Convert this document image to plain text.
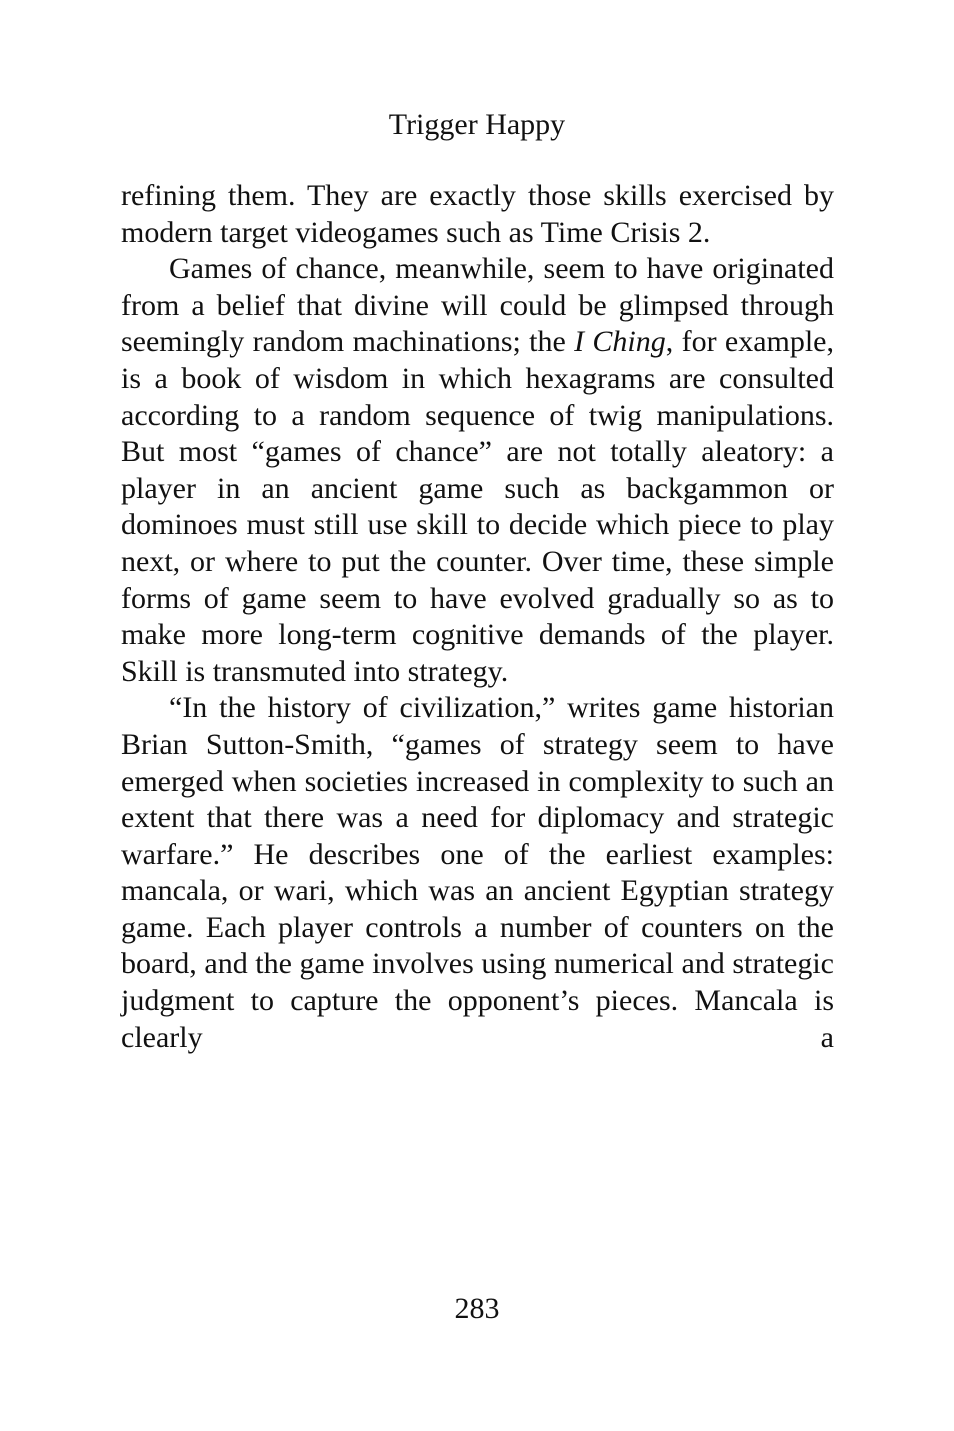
Trigger Happy

refining them. They are exactly those skills exercised by modern target videogames such as Time Crisis 2.

Games of chance, meanwhile, seem to have originated from a belief that divine will could be glimpsed through seemingly random machinations; the I Ching, for example, is a book of wisdom in which hexagrams are consulted according to a random sequence of twig manipulations. But most “games of chance” are not totally aleatory: a player in an ancient game such as backgammon or dominoes must still use skill to decide which piece to play next, or where to put the counter. Over time, these simple forms of game seem to have evolved gradually so as to make more long-term cognitive demands of the player. Skill is transmuted into strategy.

“In the history of civilization,” writes game historian Brian Sutton-Smith, “games of strategy seem to have emerged when societies increased in complexity to such an extent that there was a need for diplomacy and strategic warfare.” He describes one of the earliest examples: mancala, or wari, which was an ancient Egyptian strategy game. Each player controls a number of counters on the board, and the game involves using numerical and strategic judgment to capture the opponent’s pieces. Mancala is clearly a

283
